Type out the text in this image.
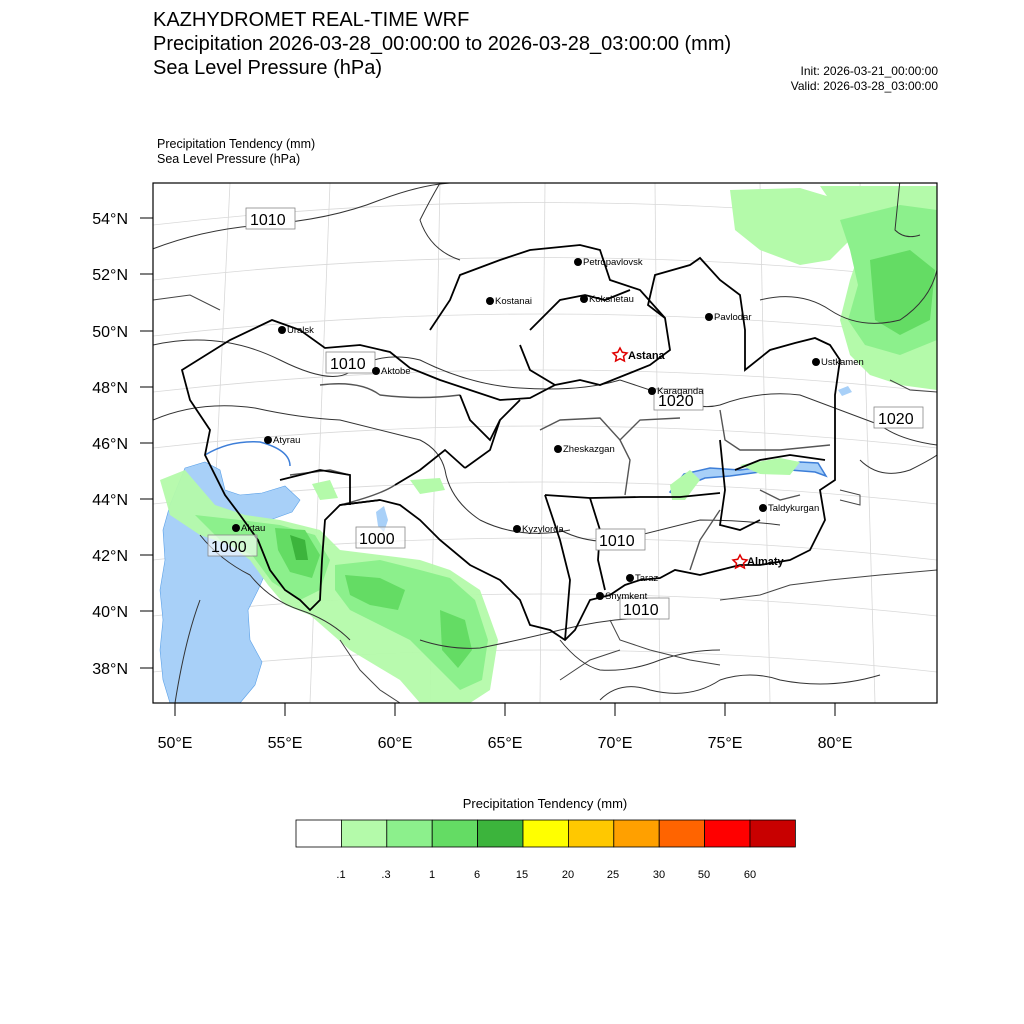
KAZHYDROMET REAL-TIME WRF
Precipitation 2026-03-28_00:00:00 to 2026-03-28_03:00:00 (mm)
Sea Level Pressure (hPa)	Init: 2026-03-21_00:00:00
Valid: 2026-03-28_03:00:00
Precipitation Tendency (mm)
Sea Level Pressure (hPa)
54°N
52°N
50°N
48°N
46°N
44°N
42°N
40°N
38°N
50°E	55°E	60°E	65°E	70°E	75°E	80°E
1010
1010
1020
1020
1000	1000	1010
1010
Petropavlovsk
Kostanai	Kokshetau
Pavlodar
Uralsk
Aktobe
Astana
Ustkamen
Karaganda
Atyrau
Zheskazgan
Aktau	Kyzylorda
Taldykurgan
Almaty
Taraz
Shymkent
Precipitation Tendency (mm)
.1	.3	1	6	15	20	25	30	50	60
